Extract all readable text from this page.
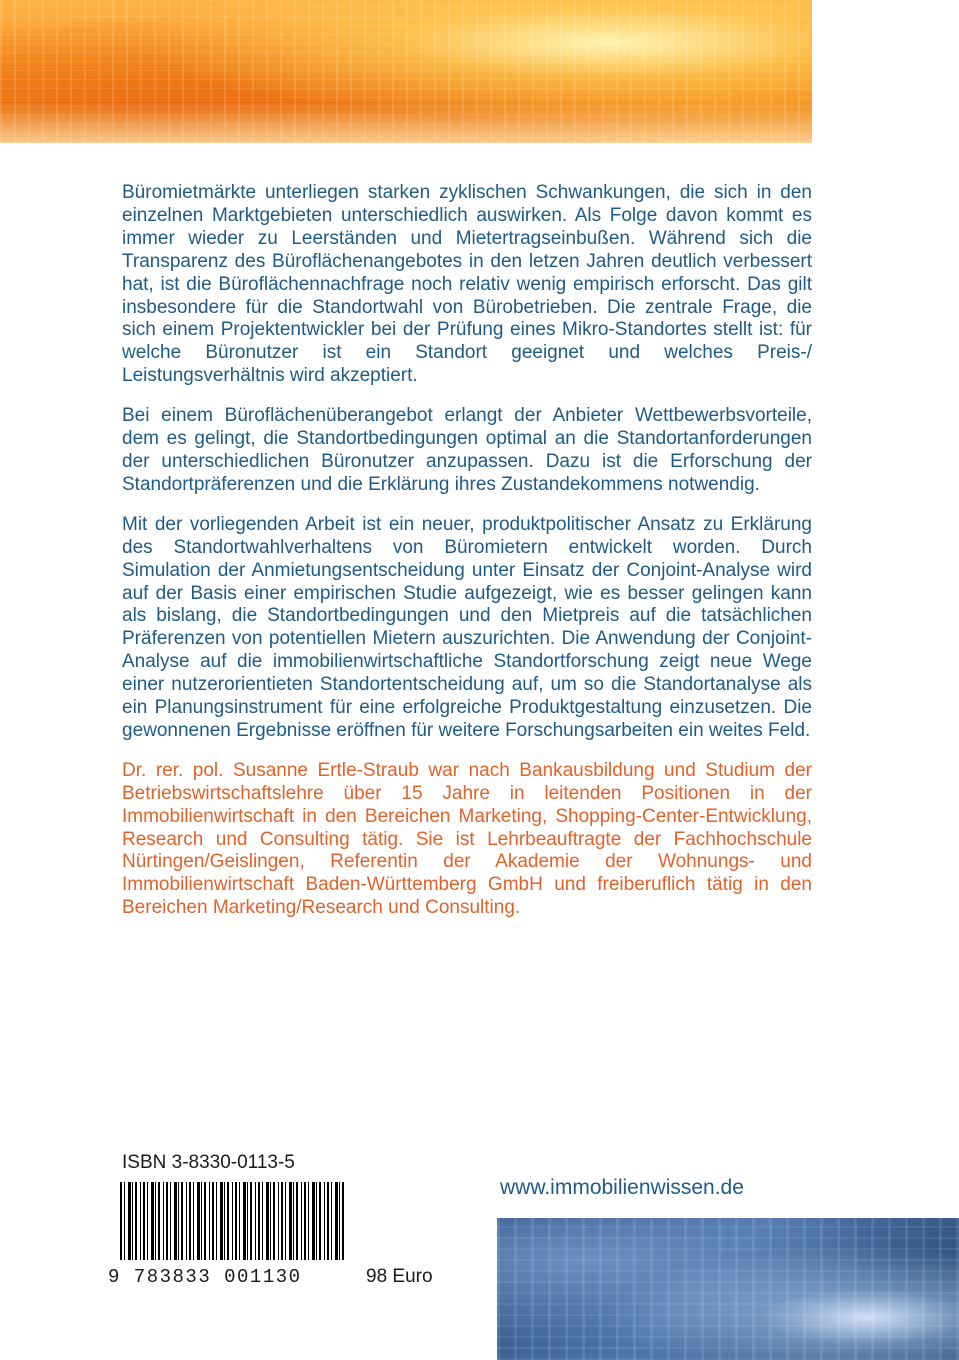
Büromietmärkte unterliegen starken zyklischen Schwankungen, die sich in den einzelnen Marktgebieten unterschiedlich auswirken. Als Folge davon kommt es immer wieder zu Leerständen und Mietertragseinbußen. Während sich die Transparenz des Büroflächenangebotes in den letzen Jahren deutlich verbessert hat, ist die Büroflächennachfrage noch relativ wenig empirisch erforscht. Das gilt insbesondere für die Standortwahl von Bürobetrieben. Die zentrale Frage, die sich einem Projektentwickler bei der Prüfung eines Mikro-Standortes stellt ist: für welche Büronutzer ist ein Standort geeignet und welches Preis-/ Leistungsverhältnis wird akzeptiert.

Bei einem Büroflächenüberangebot erlangt der Anbieter Wettbewerbsvorteile, dem es gelingt, die Standortbedingungen optimal an die Standortanforderungen der unterschiedlichen Büronutzer anzupassen. Dazu ist die Erforschung der Standortpräferenzen und die Erklärung ihres Zustandekommens notwendig.

Mit der vorliegenden Arbeit ist ein neuer, produktpolitischer Ansatz zu Erklärung des Standortwahlverhaltens von Büromietern entwickelt worden. Durch Simulation der Anmietungsentscheidung unter Einsatz der Conjoint-Analyse wird auf der Basis einer empirischen Studie aufgezeigt, wie es besser gelingen kann als bislang, die Standortbedingungen und den Mietpreis auf die tatsächlichen Präferenzen von potentiellen Mietern auszurichten. Die Anwendung der Conjoint-Analyse auf die immobilienwirtschaftliche Standortforschung zeigt neue Wege einer nutzerorientieten Standortentscheidung auf, um so die Standortanalyse als ein Planungsinstrument für eine erfolgreiche Produktgestaltung einzusetzen. Die gewonnenen Ergebnisse eröffnen für weitere Forschungsarbeiten ein weites Feld.

Dr. rer. pol. Susanne Ertle-Straub war nach Bankausbildung und Studium der Betriebswirtschaftslehre über 15 Jahre in leitenden Positionen in der Immobilienwirtschaft in den Bereichen Marketing, Shopping-Center-Entwicklung, Research und Consulting tätig. Sie ist Lehrbeauftragte der Fachhochschule Nürtingen/Geislingen, Referentin der Akademie der Wohnungs- und Immobilienwirtschaft Baden-Württemberg GmbH und freiberuflich tätig in den Bereichen Marketing/Research und Consulting.

ISBN 3-8330-0113-5
9 783833 001130	98 Euro
www.immobilienwissen.de
